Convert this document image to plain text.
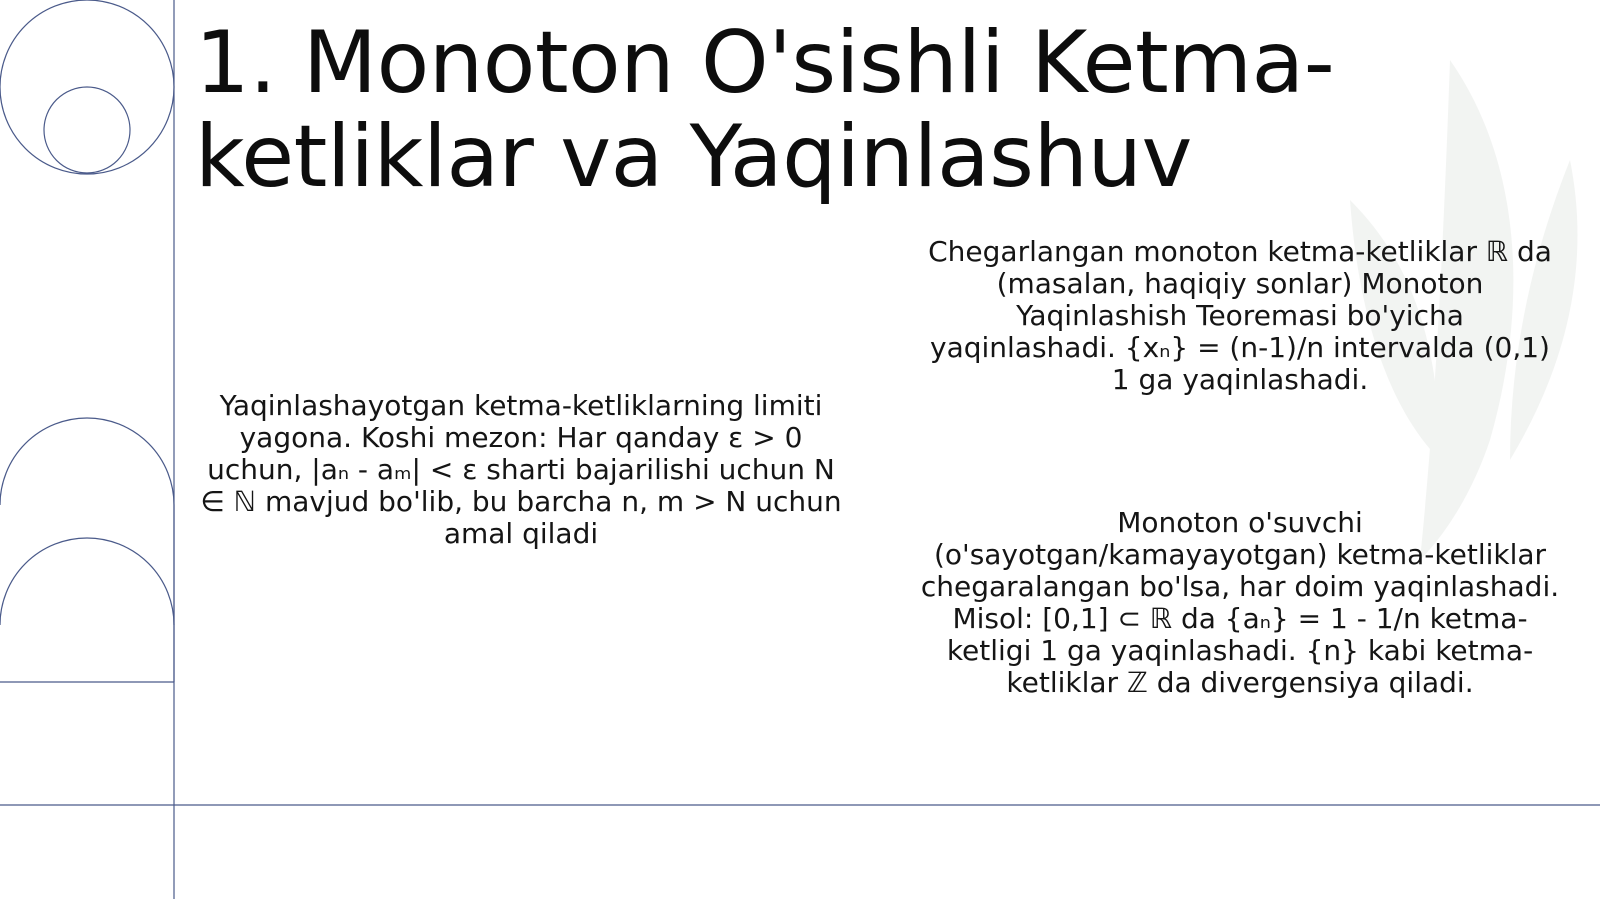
1. Monoton O'sishli Ketma-ketliklar va Yaqinlashuv
Yaqinlashayotgan ketma-ketliklarning limiti yagona. Koshi mezon: Har qanday ε > 0 uchun, |aₙ - aₘ| < ε sharti bajarilishi uchun N ∈ ℕ mavjud bo'lib, bu barcha n, m > N uchun amal qiladi
Chegarlangan monoton ketma-ketliklar ℝ da (masalan, haqiqiy sonlar) Monoton Yaqinlashish Teoremasi bo'yicha yaqinlashadi. {xₙ} = (n-1)/n intervalda (0,1) 1 ga yaqinlashadi.
Monoton o'suvchi (o'sayotgan/kamayayotgan) ketma-ketliklar chegaralangan bo'lsa, har doim yaqinlashadi. Misol: [0,1] ⊂ ℝ da {aₙ} = 1 - 1/n ketma-ketligi 1 ga yaqinlashadi. {n} kabi ketma-ketliklar ℤ da divergensiya qiladi.
